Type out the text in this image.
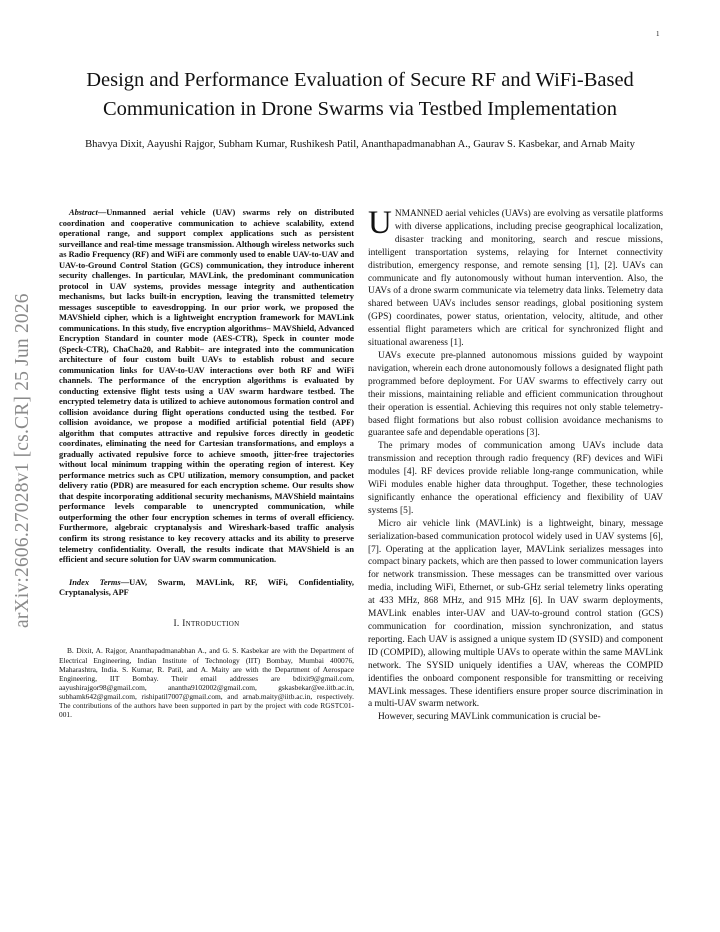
1
arXiv:2606.27028v1 [cs.CR] 25 Jun 2026
Design and Performance Evaluation of Secure RF and WiFi-Based Communication in Drone Swarms via Testbed Implementation

Bhavya Dixit, Aayushi Rajgor, Subham Kumar, Rushikesh Patil, Ananthapadmanabhan A., Gaurav S. Kasbekar, and Arnab Maity

Abstract—Unmanned aerial vehicle (UAV) swarms rely on distributed coordination and cooperative communication to achieve scalability, extend operational range, and support complex applications such as persistent surveillance and real-time message transmission. Although wireless networks such as Radio Frequency (RF) and WiFi are commonly used to enable UAV-to-UAV and UAV-to-Ground Control Station (GCS) communication, they introduce inherent security challenges. In particular, MAVLink, the predominant communication protocol in UAV systems, provides message integrity and authentication mechanisms, but lacks built-in encryption, leaving the transmitted telemetry messages susceptible to eavesdropping. In our prior work, we proposed the MAVShield cipher, which is a lightweight encryption framework for MAVLink communications. In this study, five encryption algorithms– MAVShield, Advanced Encryption Standard in counter mode (AES-CTR), Speck in counter mode (Speck-CTR), ChaCha20, and Rabbit– are integrated into the communication architecture of four custom built UAVs to establish robust and secure communication links for UAV-to-UAV interactions over both RF and WiFi channels. The performance of the encryption algorithms is evaluated by conducting extensive flight tests using a UAV swarm hardware testbed. The encrypted telemetry data is utilized to achieve autonomous formation control and collision avoidance during flight operations conducted using the testbed. For collision avoidance, we propose a modified artificial potential field (APF) algorithm that computes attractive and repulsive forces directly in geodetic coordinates, eliminating the need for Cartesian transformations, and employs a gradually activated repulsive force to achieve smooth, jitter-free trajectories without local minimum trapping within the operating region of interest. Key performance metrics such as CPU utilization, memory consumption, and packet delivery ratio (PDR) are measured for each encryption scheme. Our results show that despite incorporating additional security mechanisms, MAVShield maintains performance levels comparable to unencrypted communication, while outperforming the other four encryption schemes in terms of overall efficiency. Furthermore, algebraic cryptanalysis and Wireshark-based traffic analysis confirm its strong resistance to key recovery attacks and its ability to preserve telemetry confidentiality. Overall, the results indicate that MAVShield is an efficient and secure solution for UAV swarm communication.

Index Terms—UAV, Swarm, MAVLink, RF, WiFi, Confidentiality, Cryptanalysis, APF

I. Introduction

B. Dixit, A. Rajgor, Ananthapadmanabhan A., and G. S. Kasbekar are with the Department of Electrical Engineering, Indian Institute of Technology (IIT) Bombay, Mumbai 400076, Maharashtra, India. S. Kumar, R. Patil, and A. Maity are with the Department of Aerospace Engineering, IIT Bombay. Their email addresses are bdixit9@gmail.com, aayushirajgor98@gmail.com, anantha9102002@gmail.com, gskasbekar@ee.iitb.ac.in, subhamk642@gmail.com, rishipatil7007@gmail.com, and arnab.maity@iitb.ac.in, respectively. The contributions of the authors have been supported in part by the project with code RGSTC01-001.

UNMANNED aerial vehicles (UAVs) are evolving as versatile platforms with diverse applications, including precise geographical localization, disaster tracking and monitoring, search and rescue missions, intelligent transportation systems, relaying for Internet connectivity distribution, emergency response, and remote sensing [1], [2]. UAVs can communicate and fly autonomously without human intervention. Also, the UAVs of a drone swarm communicate via telemetry data links. Telemetry data shared between UAVs includes sensor readings, global positioning system (GPS) coordinates, power status, orientation, velocity, altitude, and other essential flight parameters which are critical for synchronized flight and situational awareness [1].

UAVs execute pre-planned autonomous missions guided by waypoint navigation, wherein each drone autonomously follows a designated flight path programmed before deployment. For UAV swarms to effectively carry out their missions, maintaining reliable and efficient communication throughout their operation is essential. Achieving this requires not only stable telemetry-based flight formations but also robust collision avoidance mechanisms to guarantee safe and dependable operations [3].

The primary modes of communication among UAVs include data transmission and reception through radio frequency (RF) devices and WiFi modules [4]. RF devices provide reliable long-range communication, while WiFi modules enable higher data throughput. Together, these technologies significantly enhance the operational efficiency and flexibility of UAV systems [5].

Micro air vehicle link (MAVLink) is a lightweight, binary, message serialization-based communication protocol widely used in UAV systems [6], [7]. Operating at the application layer, MAVLink serializes messages into compact binary packets, which are then passed to lower communication layers for network transmission. These messages can be transmitted over various media, including WiFi, Ethernet, or sub-GHz serial telemetry links operating at 433 MHz, 868 MHz, and 915 MHz [6]. In UAV swarm deployments, MAVLink enables inter-UAV and UAV-to-ground control station (GCS) communication for coordination, mission synchronization, and status reporting. Each UAV is assigned a unique system ID (SYSID) and component ID (COMPID), allowing multiple UAVs to operate within the same MAVLink network. The SYSID uniquely identifies a UAV, whereas the COMPID identifies the onboard component responsible for transmitting or receiving MAVLink messages. These identifiers ensure proper source discrimination in a multi-UAV swarm network.

However, securing MAVLink communication is crucial be-
